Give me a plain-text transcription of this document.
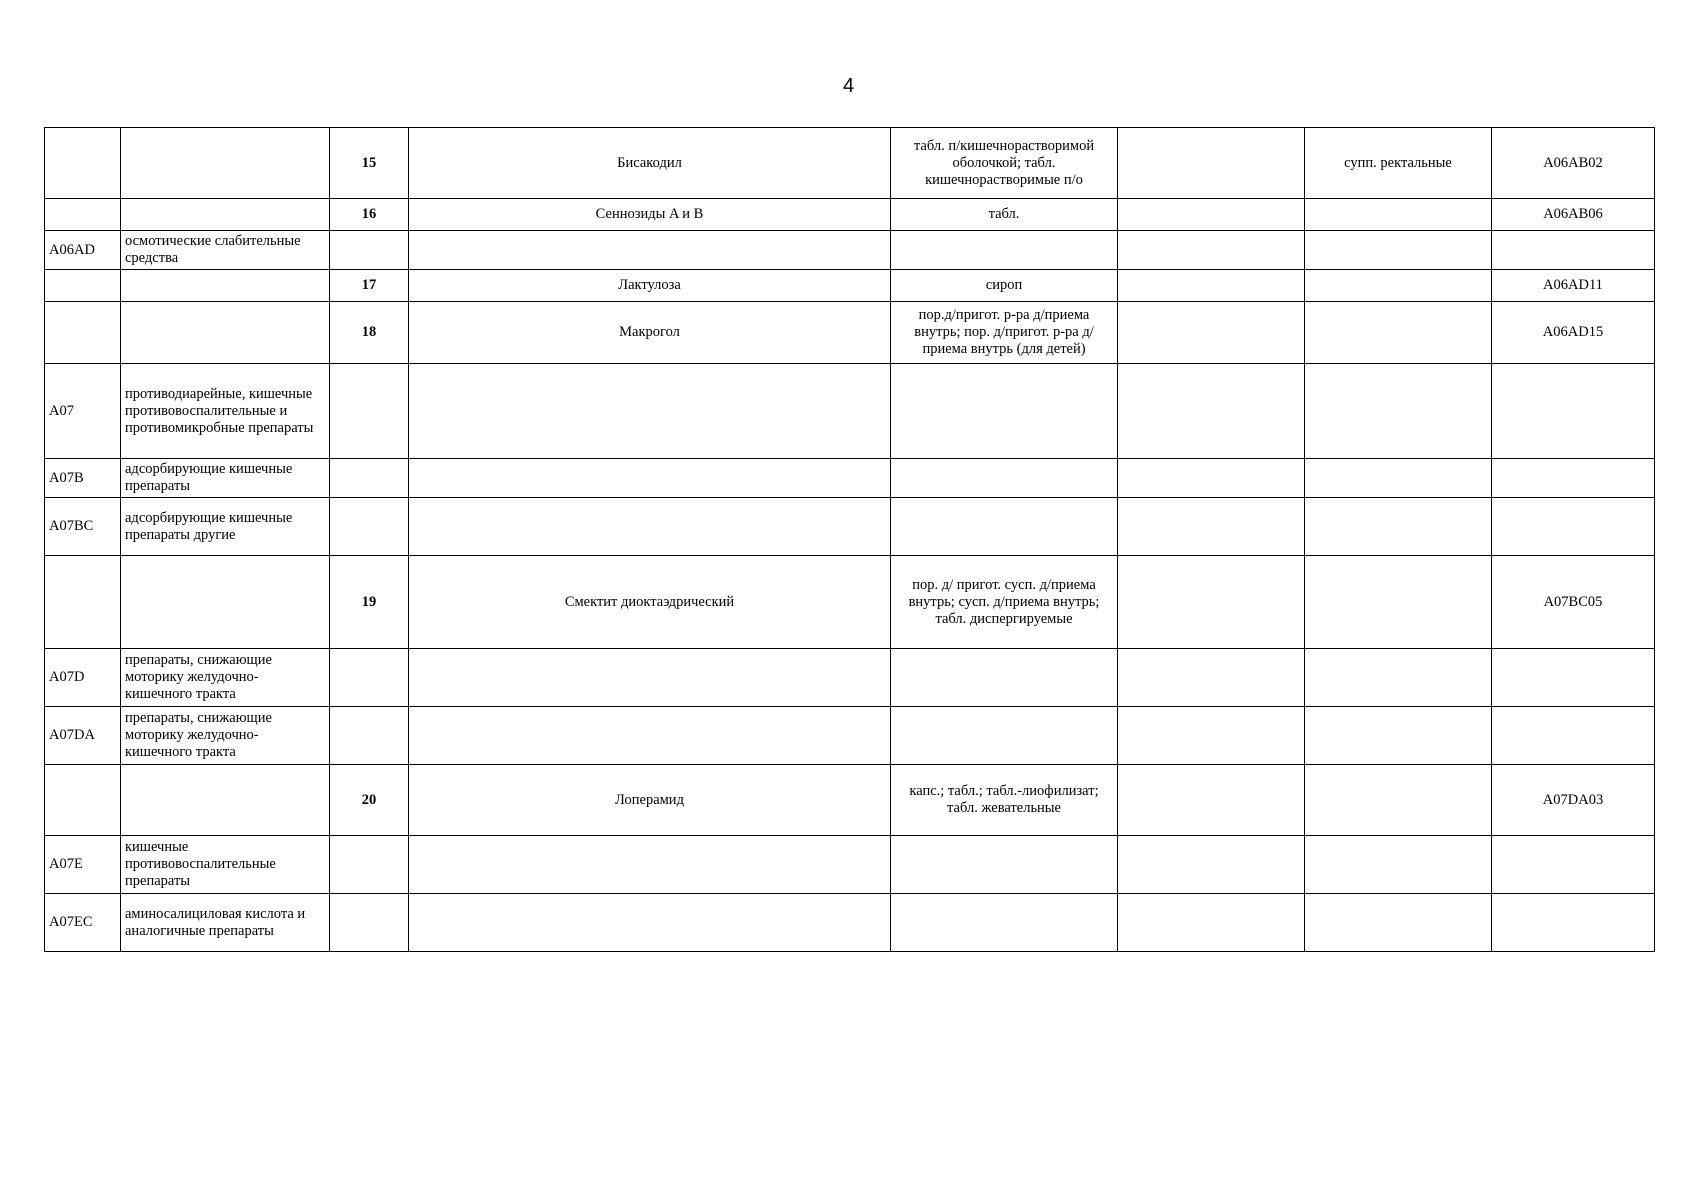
4
		15	Бисакодил	табл. п/кишечнорастворимой оболочкой; табл. кишечнорастворимые п/о		супп. ректальные	A06AB02
		16	Сеннозиды A и B	табл.			A06AB06
A06AD	осмотические слабительные средства						
		17	Лактулоза	сироп			A06AD11
		18	Макрогол	пор.д/пригот. р-ра д/приема внутрь; пор. д/пригот. р-ра д/приема внутрь (для детей)			A06AD15
A07	противодиарейные, кишечные противовоспалительные и противомикробные препараты						
A07B	адсорбирующие кишечные препараты						
A07BC	адсорбирующие кишечные препараты другие						
		19	Смектит диоктаэдрический	пор. д/ пригот. сусп. д/приема внутрь; сусп. д/приема внутрь; табл. диспергируемые			A07BC05
A07D	препараты, снижающие моторику желудочно-кишечного тракта						
A07DA	препараты, снижающие моторику желудочно-кишечного тракта						
		20	Лоперамид	капс.; табл.; табл.-лиофилизат; табл. жевательные			A07DA03
A07E	кишечные противовоспалительные препараты						
A07EC	аминосалициловая кислота и аналогичные препараты						
